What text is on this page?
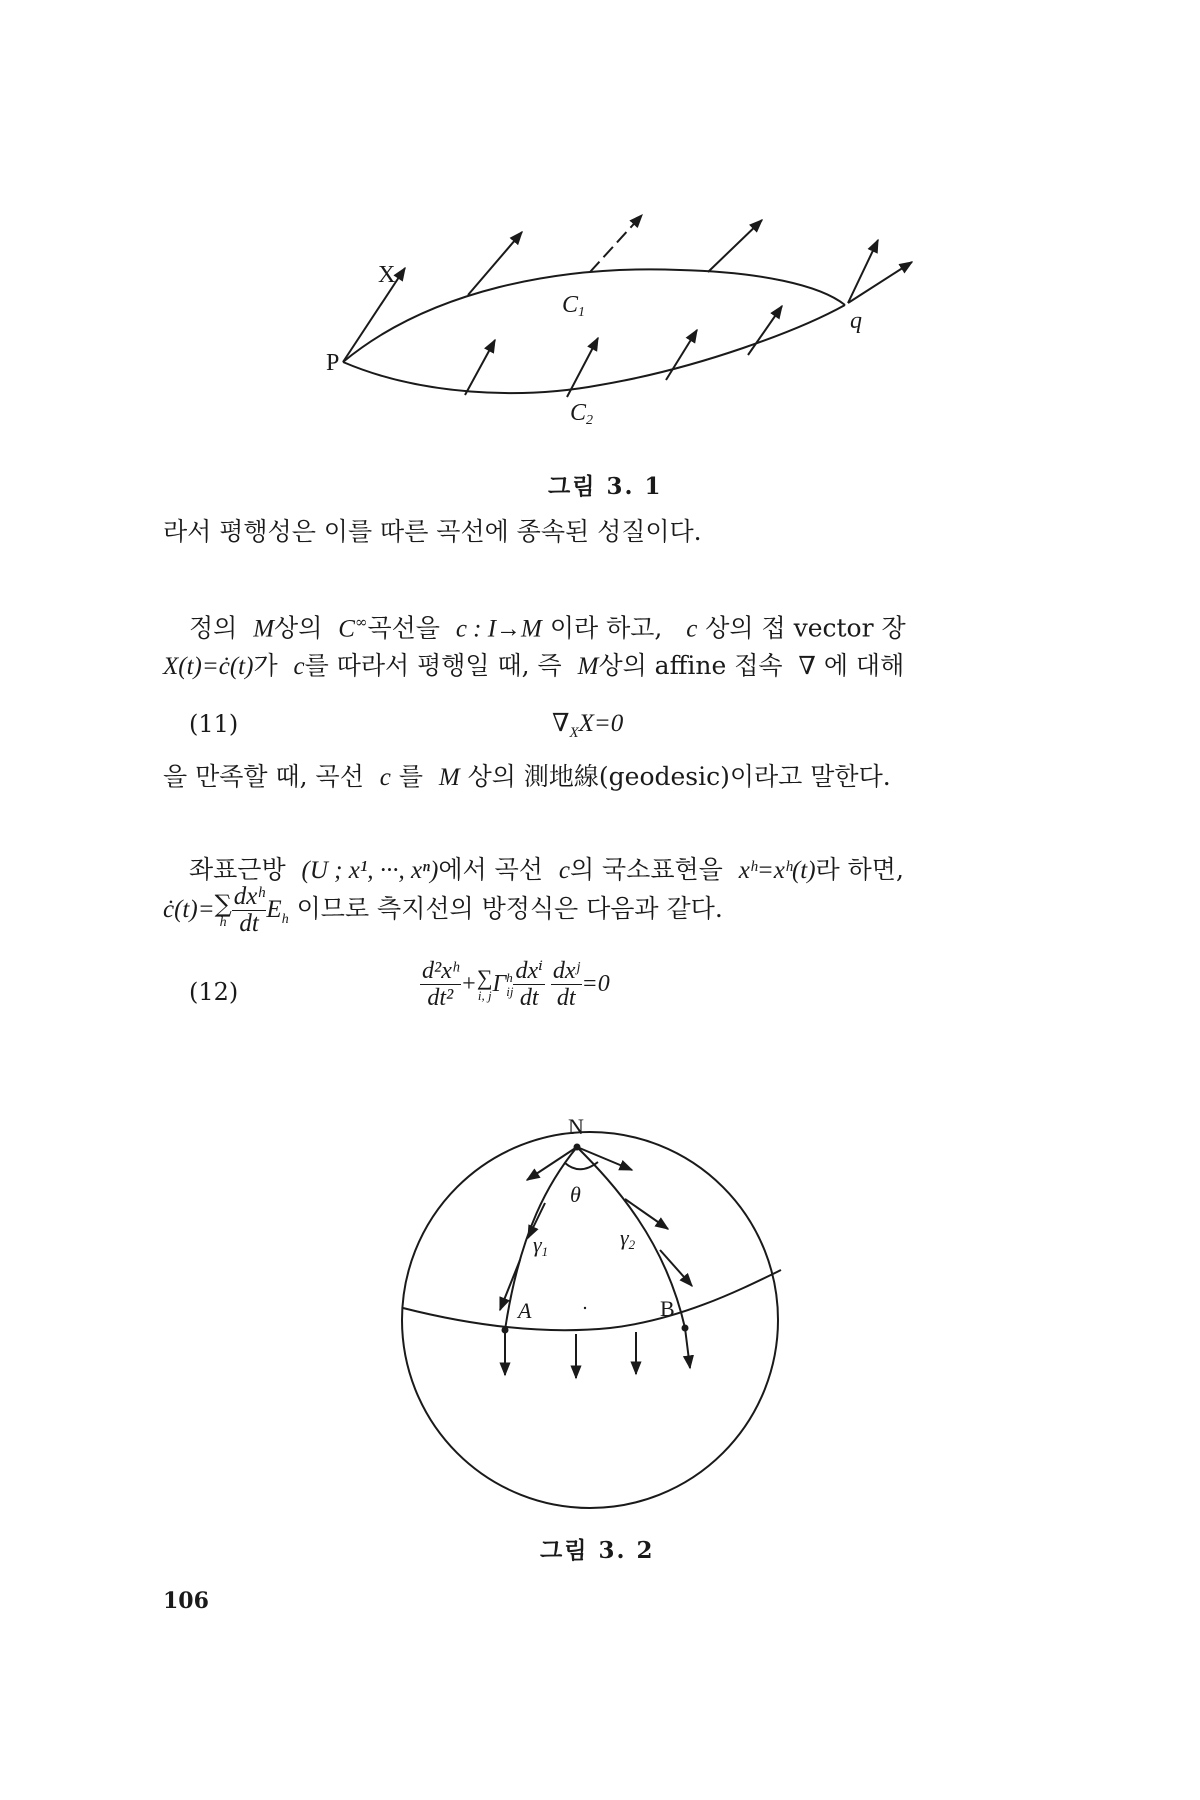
X
P
q
C1
C2
그림 3. 1
라서 평행성은 이를 따른 곡선에 종속된 성질이다.
정의 M상의 C∞곡선을 c : I→M 이라 하고, c 상의 접 vector 장
X(t)=ċ(t)가 c를 따라서 평행일 때, 즉 M상의 affine 접속 ∇ 에 대해
(11)	$\nabla_XX=0$
을 만족할 때, 곡선 c 를 M 상의 測地線(geodesic)이라고 말한다.
좌표근방 (U ; x¹, ···, xⁿ)에서 곡선 c의 국소표현을 xʰ=xʰ(t)라 하면,
ċ(t)= ∑
h $\frac{\text{dxʰ}}{dt} E_h$ 이므로 측지선의 방정식은 다음과 같다.
(12)	$\frac{\text{d²xʰ}}{\text{dt²}}$ + ∑
i, j Γ h
ij $\frac{\text{dxⁱ}}{dt}$
$\frac{\text{dxʲ}}{dt} =0$
N
θ
γ1
γ2
A	B
그림 3. 2
106
